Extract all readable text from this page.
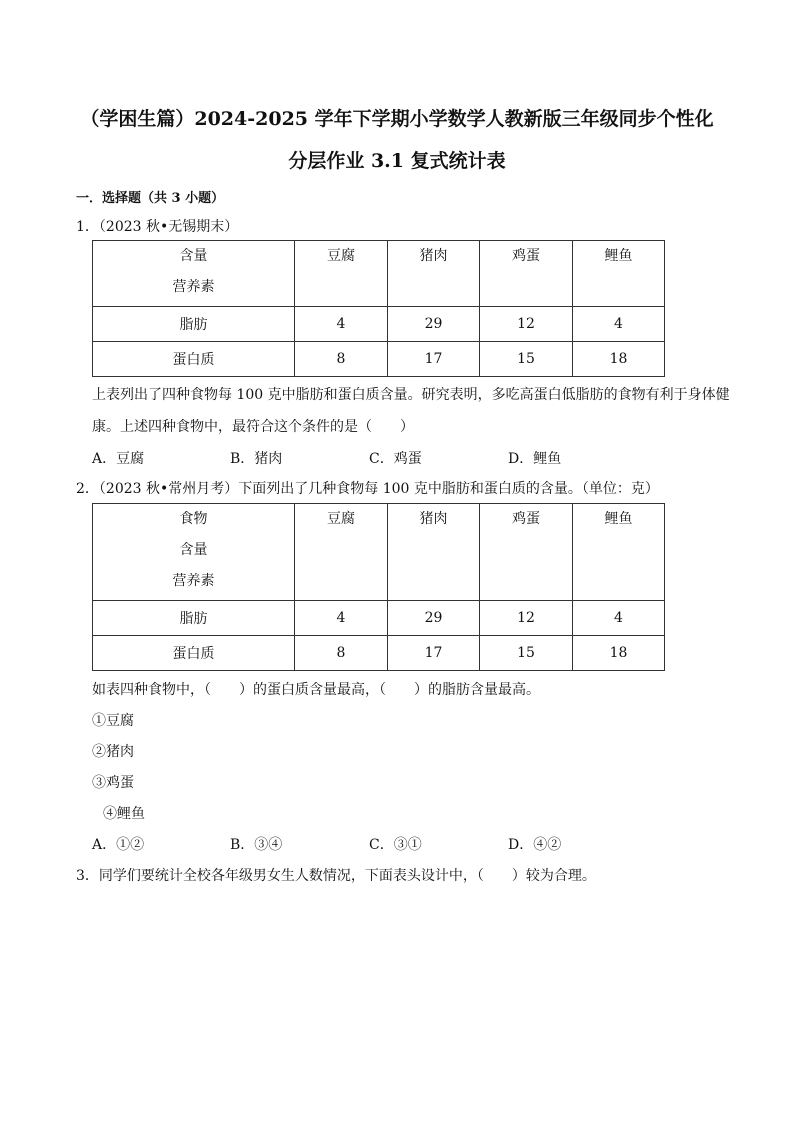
（学困生篇）2024-2025 学年下学期小学数学人教新版三年级同步个性化
分层作业 3.1 复式统计表
一．选择题（共 3 小题）
1．（2023 秋•无锡期末）
含量
营养素	豆腐	猪肉	鸡蛋	鲤鱼

脂肪	4	29	12	4
蛋白质	8	17	15	18
上表列出了四种食物每 100 克中脂肪和蛋白质含量。研究表明，多吃高蛋白低脂肪的食物有利于身体健
康。上述四种食物中，最符合这个条件的是（　　）
A．豆腐	B．猪肉	C．鸡蛋	D．鲤鱼
2．（2023 秋•常州月考）下面列出了几种食物每 100 克中脂肪和蛋白质的含量。（单位：克）
食物
含量
营养素	豆腐	猪肉	鸡蛋	鲤鱼

脂肪	4	29	12	4
蛋白质	8	17	15	18
如表四种食物中，（　　）的蛋白质含量最高，（　　）的脂肪含量最高。
①豆腐
②猪肉
③鸡蛋
④鲤鱼
A．①②	B．③④	C．③①	D．④②
3．同学们要统计全校各年级男女生人数情况，下面表头设计中，（　　）较为合理。
